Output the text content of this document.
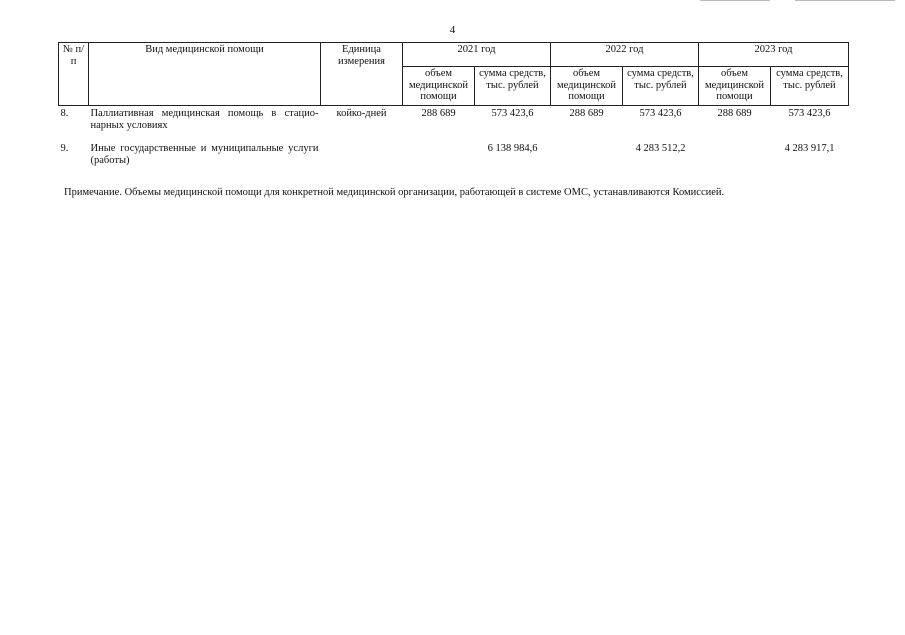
4
№ п/п	Вид медицинской помощи	Единица измерения	2021 год		2022 год		2023 год	
			объем медицинской помощи	сумма средств, тыс. рублей	объем медицинской помощи	сумма средств, тыс. рублей	объем медицинской помощи	сумма средств, тыс. рублей
8.	Паллиативная медицинская помощь в стацио-нарных условиях	койко-дней	288 689	573 423,6	288 689	573 423,6	288 689	573 423,6
9.	Иные государственные и муниципальные услуги (работы)			6 138 984,6		4 283 512,2		4 283 917,1
Примечание. Объемы медицинской помощи для конкретной медицинской организации, работающей в системе ОМС, устанавливаются Комиссией.
